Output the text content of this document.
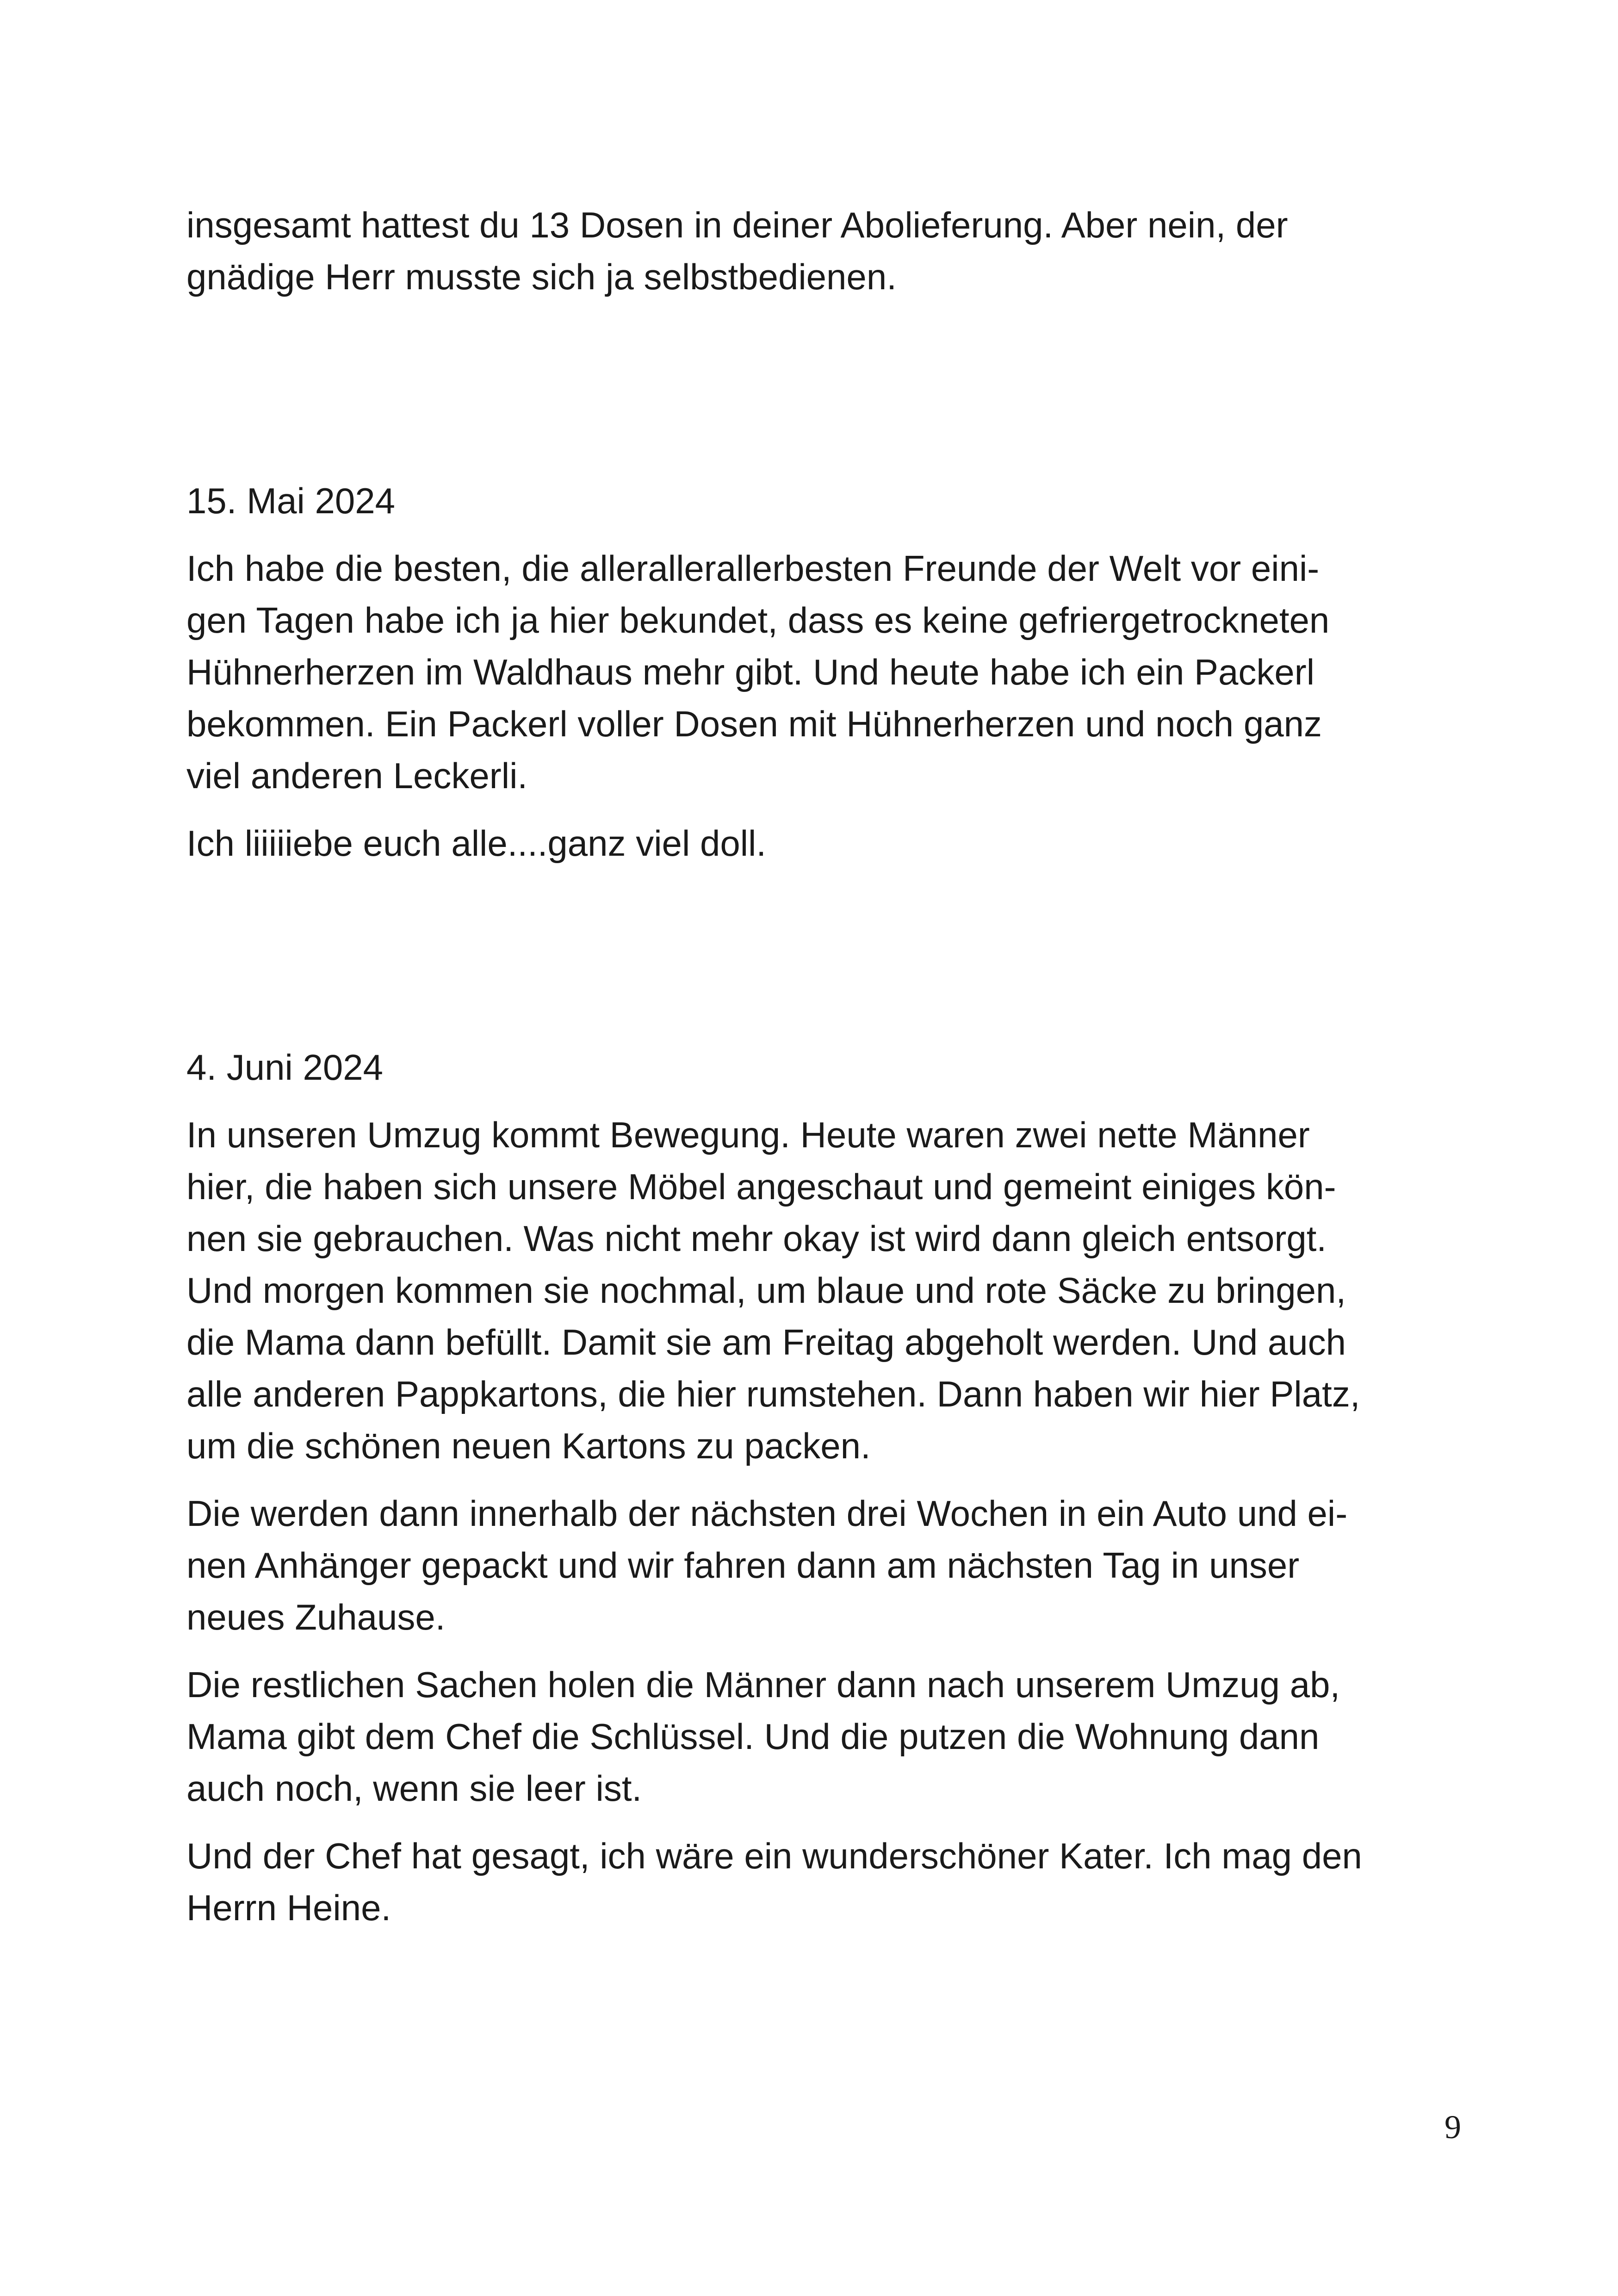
insgesamt hattest du 13 Dosen in deiner Abolieferung. Aber nein, der
gnädige Herr musste sich ja selbstbedienen.

15. Mai 2024

Ich habe die besten, die allerallerallerbesten Freunde der Welt vor eini-
gen Tagen habe ich ja hier bekundet, dass es keine gefriergetrockneten
Hühnerherzen im Waldhaus mehr gibt. Und heute habe ich ein Packerl
bekommen. Ein Packerl voller Dosen mit Hühnerherzen und noch ganz
viel anderen Leckerli.

Ich liiiiiebe euch alle....ganz viel doll.

4. Juni 2024

In unseren Umzug kommt Bewegung. Heute waren zwei nette Männer
hier, die haben sich unsere Möbel angeschaut und gemeint einiges kön-
nen sie gebrauchen. Was nicht mehr okay ist wird dann gleich entsorgt.
Und morgen kommen sie nochmal, um blaue und rote Säcke zu bringen,
die Mama dann befüllt. Damit sie am Freitag abgeholt werden. Und auch
alle anderen Pappkartons, die hier rumstehen. Dann haben wir hier Platz,
um die schönen neuen Kartons zu packen.

Die werden dann innerhalb der nächsten drei Wochen in ein Auto und ei-
nen Anhänger gepackt und wir fahren dann am nächsten Tag in unser
neues Zuhause.

Die restlichen Sachen holen die Männer dann nach unserem Umzug ab,
Mama gibt dem Chef die Schlüssel. Und die putzen die Wohnung dann
auch noch, wenn sie leer ist.

Und der Chef hat gesagt, ich wäre ein wunderschöner Kater. Ich mag den
Herrn Heine.

9
